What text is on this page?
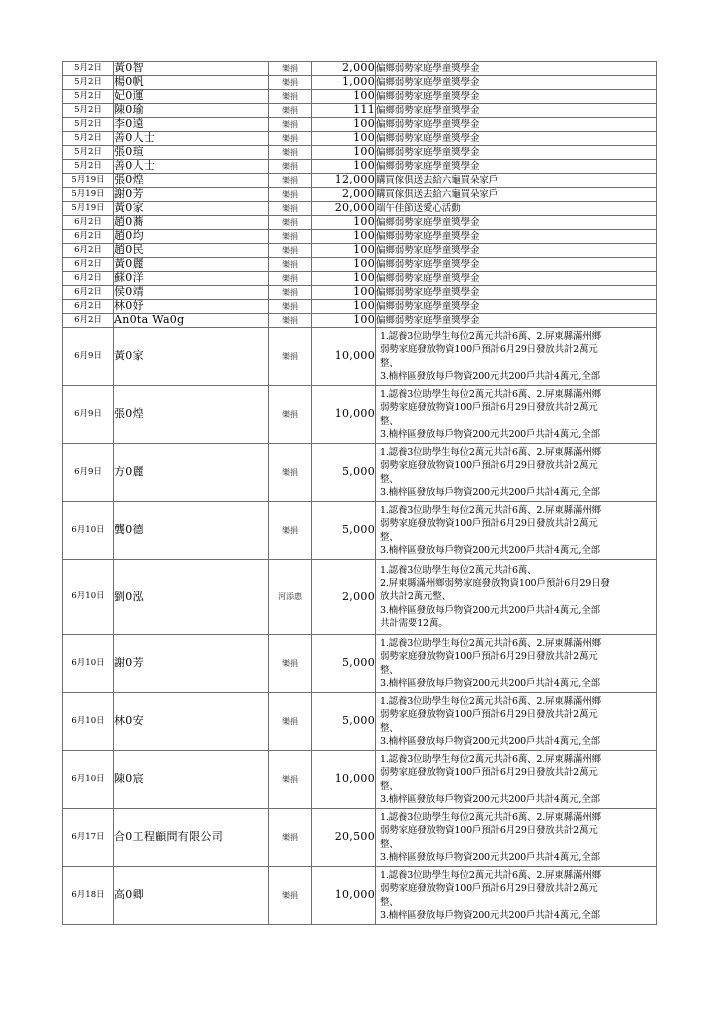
5月2日	黃0智	樂捐	2,000	偏鄉弱勢家庭學童獎學金
5月2日	楊0帆	樂捐	1,000	偏鄉弱勢家庭學童獎學金
5月2日	妃0運	樂捐	100	偏鄉弱勢家庭學童獎學金
5月2日	陳0瑜	樂捐	111	偏鄉弱勢家庭學童獎學金
5月2日	李0遠	樂捐	100	偏鄉弱勢家庭學童獎學金
5月2日	善0人士	樂捐	100	偏鄉弱勢家庭學童獎學金
5月2日	張0瑄	樂捐	100	偏鄉弱勢家庭學童獎學金
5月2日	善0人士	樂捐	100	偏鄉弱勢家庭學童獎學金
5月19日	張0煌	樂捐	12,000	購買傢俱送去給六龜買朵家戶
5月19日	謝0芳	樂捐	2,000	購買傢俱送去給六龜買朵家戶
5月19日	黃0家	樂捐	20,000	端午佳節送愛心活動
6月2日	趙0蕎	樂捐	100	偏鄉弱勢家庭學童獎學金
6月2日	趙0均	樂捐	100	偏鄉弱勢家庭學童獎學金
6月2日	趙0民	樂捐	100	偏鄉弱勢家庭學童獎學金
6月2日	黃0麗	樂捐	100	偏鄉弱勢家庭學童獎學金
6月2日	蘇0洋	樂捐	100	偏鄉弱勢家庭學童獎學金
6月2日	侯0靖	樂捐	100	偏鄉弱勢家庭學童獎學金
6月2日	林0妤	樂捐	100	偏鄉弱勢家庭學童獎學金
6月2日	An0ta Wa0g	樂捐	100	偏鄉弱勢家庭學童獎學金
6月9日	黃0家	樂捐	10,000	1.認養3位助學生每位2萬元共計6萬、2.屏東縣滿州鄉
弱勢家庭發放物資100戶預計6月29日發放共計2萬元
整、
3.楠梓區發放每戶物資200元共200戶共計4萬元,全部

6月9日	張0煌	樂捐	10,000	1.認養3位助學生每位2萬元共計6萬、2.屏東縣滿州鄉
弱勢家庭發放物資100戶預計6月29日發放共計2萬元
整、
3.楠梓區發放每戶物資200元共200戶共計4萬元,全部

6月9日	方0麗	樂捐	5,000	1.認養3位助學生每位2萬元共計6萬、2.屏東縣滿州鄉
弱勢家庭發放物資100戶預計6月29日發放共計2萬元
整、
3.楠梓區發放每戶物資200元共200戶共計4萬元,全部

6月10日	龔0德	樂捐	5,000	1.認養3位助學生每位2萬元共計6萬、2.屏東縣滿州鄉
弱勢家庭發放物資100戶預計6月29日發放共計2萬元
整、
3.楠梓區發放每戶物資200元共200戶共計4萬元,全部

6月10日	劉0泓	河添惠	2,000	1.認養3位助學生每位2萬元共計6萬、
2.屏東縣滿州鄉弱勢家庭發放物資100戶預計6月29日發
放共計2萬元整、
3.楠梓區發放每戶物資200元共200戶共計4萬元,全部
共計需要12萬。

6月10日	謝0芳	樂捐	5,000	1.認養3位助學生每位2萬元共計6萬、2.屏東縣滿州鄉
弱勢家庭發放物資100戶預計6月29日發放共計2萬元
整、
3.楠梓區發放每戶物資200元共200戶共計4萬元,全部

6月10日	林0安	樂捐	5,000	1.認養3位助學生每位2萬元共計6萬、2.屏東縣滿州鄉
弱勢家庭發放物資100戶預計6月29日發放共計2萬元
整、
3.楠梓區發放每戶物資200元共200戶共計4萬元,全部

6月10日	陳0宸	樂捐	10,000	1.認養3位助學生每位2萬元共計6萬、2.屏東縣滿州鄉
弱勢家庭發放物資100戶預計6月29日發放共計2萬元
整、
3.楠梓區發放每戶物資200元共200戶共計4萬元,全部

6月17日	合0工程顧問有限公司	樂捐	20,500	1.認養3位助學生每位2萬元共計6萬、2.屏東縣滿州鄉
弱勢家庭發放物資100戶預計6月29日發放共計2萬元
整、
3.楠梓區發放每戶物資200元共200戶共計4萬元,全部

6月18日	高0卿	樂捐	10,000	1.認養3位助學生每位2萬元共計6萬、2.屏東縣滿州鄉
弱勢家庭發放物資100戶預計6月29日發放共計2萬元
整、
3.楠梓區發放每戶物資200元共200戶共計4萬元,全部
